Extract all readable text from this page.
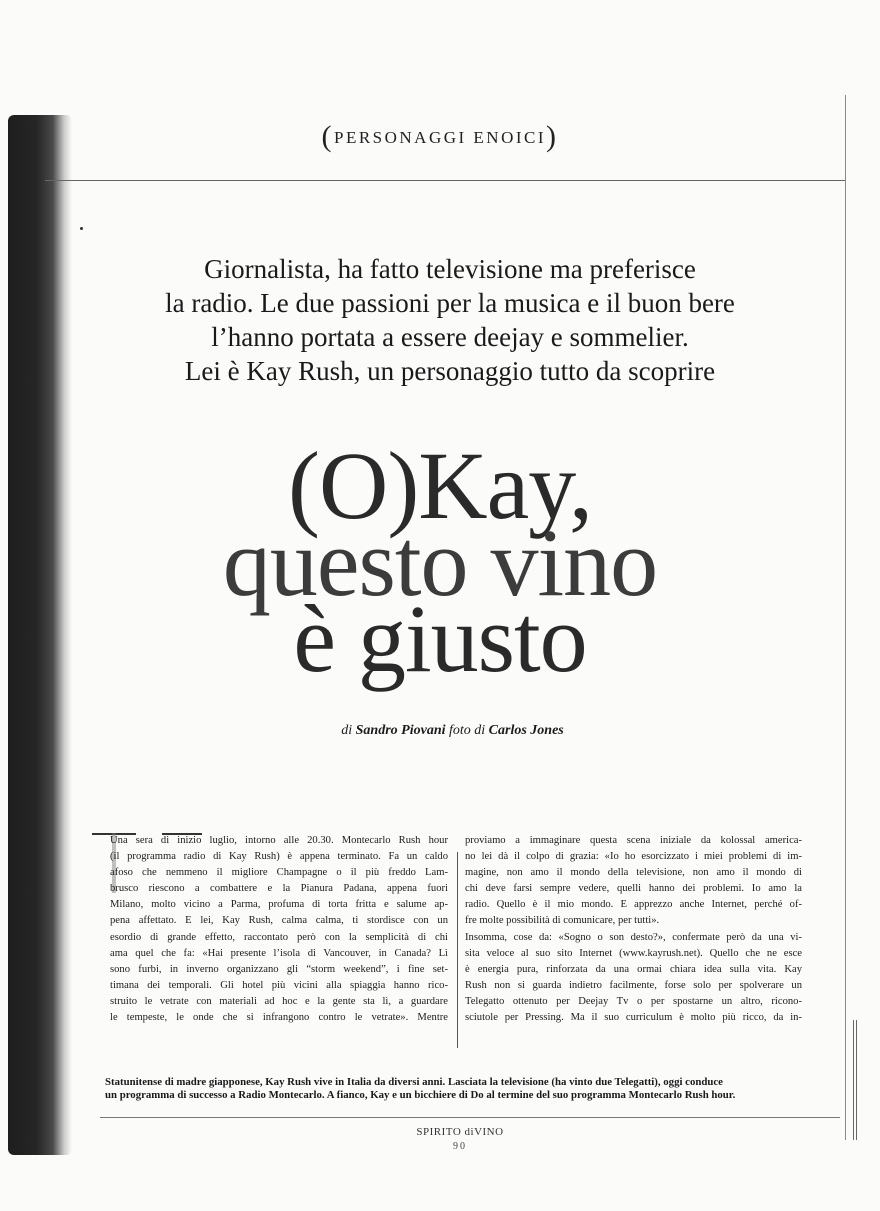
(PERSONAGGI ENOICI)
Giornalista, ha fatto televisione ma preferisce
la radio. Le due passioni per la musica e il buon bere
l’hanno portata a essere deejay e sommelier.
Lei è Kay Rush, un personaggio tutto da scoprire
(O)Kay,
questo vino
è giusto
di Sandro Piovani foto di Carlos Jones
Una sera di inizio luglio, intorno alle 20.30. Montecarlo Rush hour
(il programma radio di Kay Rush) è appena terminato. Fa un caldo
afoso che nemmeno il migliore Champagne o il più freddo Lam-
brusco riescono a combattere e la Pianura Padana, appena fuori
Milano, molto vicino a Parma, profuma di torta fritta e salume ap-
pena affettato. E lei, Kay Rush, calma calma, ti stordisce con un
esordio di grande effetto, raccontato però con la semplicità di chi
ama quel che fa: «Hai presente l’isola di Vancouver, in Canada? Lì
sono furbi, in inverno organizzano gli “storm weekend”, i fine set-
timana dei temporali. Gli hotel più vicini alla spiaggia hanno rico-
struito le vetrate con materiali ad hoc e la gente sta lì, a guardare
le tempeste, le onde che si infrangono contro le vetrate». Mentre
proviamo a immaginare questa scena iniziale da kolossal america-
no lei dà il colpo di grazia: «Io ho esorcizzato i miei problemi di im-
magine, non amo il mondo della televisione, non amo il mondo di
chi deve farsi sempre vedere, quelli hanno dei problemi. Io amo la
radio. Quello è il mio mondo. E apprezzo anche Internet, perché of-
fre molte possibilità di comunicare, per tutti».
Insomma, cose da: «Sogno o son desto?», confermate però da una vi-
sita veloce al suo sito Internet (www.kayrush.net). Quello che ne esce
è energia pura, rinforzata da una ormai chiara idea sulla vita. Kay
Rush non si guarda indietro facilmente, forse solo per spolverare un
Telegatto ottenuto per Deejay Tv o per spostarne un altro, ricono-
sciutole per Pressing. Ma il suo curriculum è molto più ricco, da in-
Statunitense di madre giapponese, Kay Rush vive in Italia da diversi anni. Lasciata la televisione (ha vinto due Telegatti), oggi conduce
un programma di successo a Radio Montecarlo. A fianco, Kay e un bicchiere di Do al termine del suo programma Montecarlo Rush hour.
SPIRITO diVINO
90
